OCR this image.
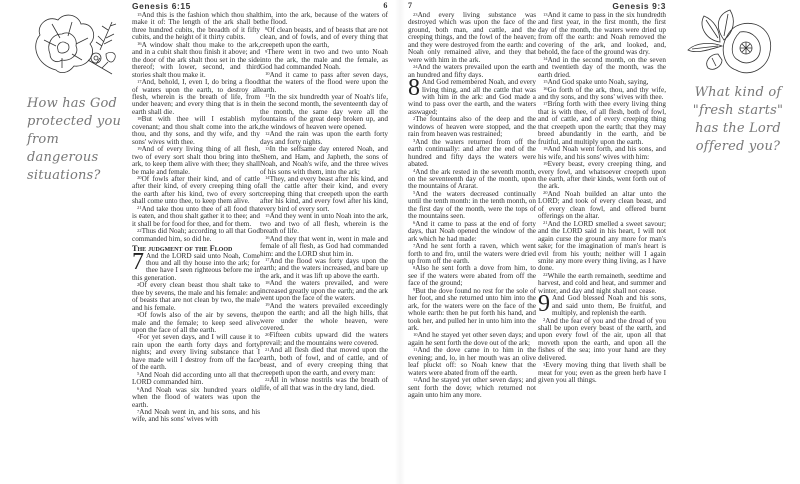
How has God protected you from dangerous situations?
Genesis 6:15

$^{15}$And this is the fashion which thou shalt make it of: The length of the ark shall be three hundred cubits, the breadth of it fifty cubits, and the height of it thirty cubits.

$^{16}$A window shalt thou make to the ark, and in a cubit shalt thou finish it above; and the door of the ark shalt thou set in the side thereof; with lower, second, and third stories shalt thou make it.

$^{17}$And, behold, I, even I, do bring a flood of waters upon the earth, to destroy all flesh, wherein is the breath of life, from under heaven; and every thing that is in the earth shall die.

$^{18}$But with thee will I establish my covenant; and thou shalt come into the ark, thou, and thy sons, and thy wife, and thy sons' wives with thee.

$^{19}$And of every living thing of all flesh, two of every sort shalt thou bring into the ark, to keep them alive with thee; they shall be male and female.

$^{20}$Of fowls after their kind, and of cattle after their kind, of every creeping thing of the earth after his kind, two of every sort shall come unto thee, to keep them alive.

$^{21}$And take thou unto thee of all food that is eaten, and thou shalt gather it to thee; and it shall be for food for thee, and for them.

$^{22}$Thus did Noah; according to all that God commanded him, so did he.

The judgment of the Flood

7 And the LORD said unto Noah, Come thou and all thy house into the ark; for thee have I seen righteous before me in this generation.

$^2$Of every clean beast thou shalt take to thee by sevens, the male and his female: and of beasts that are not clean by two, the male and his female.

$^3$Of fowls also of the air by sevens, the male and the female; to keep seed alive upon the face of all the earth.

$^4$For yet seven days, and I will cause it to rain upon the earth forty days and forty nights; and every living substance that I have made will I destroy from off the face of the earth.

$^5$And Noah did according unto all that the LORD commanded him.

$^6$And Noah was six hundred years old when the flood of waters was upon the earth.

$^7$And Noah went in, and his sons, and his wife, and his sons' wives with

6

him, into the ark, because of the waters of the flood.

$^8$Of clean beasts, and of beasts that are not clean, and of fowls, and of every thing that creepeth upon the earth,

$^9$There went in two and two unto Noah into the ark, the male and the female, as God had commanded Noah.

$^{10}$And it came to pass after seven days, that the waters of the flood were upon the earth.

$^{11}$In the six hundredth year of Noah's life, in the second month, the seventeenth day of the month, the same day were all the fountains of the great deep broken up, and the windows of heaven were opened.

$^{12}$And the rain was upon the earth forty days and forty nights.

$^{13}$In the selfsame day entered Noah, and Shem, and Ham, and Japheth, the sons of Noah, and Noah's wife, and the three wives of his sons with them, into the ark;

$^{14}$They, and every beast after his kind, and all the cattle after their kind, and every creeping thing that creepeth upon the earth after his kind, and every fowl after his kind, every bird of every sort.

$^{15}$And they went in unto Noah into the ark, two and two of all flesh, wherein is the breath of life.

$^{16}$And they that went in, went in male and female of all flesh, as God had commanded him: and the LORD shut him in.

$^{17}$And the flood was forty days upon the earth; and the waters increased, and bare up the ark, and it was lift up above the earth.

$^{18}$And the waters prevailed, and were increased greatly upon the earth; and the ark went upon the face of the waters.

$^{19}$And the waters prevailed exceedingly upon the earth; and all the high hills, that were under the whole heaven, were covered.

$^{20}$Fifteen cubits upward did the waters prevail; and the mountains were covered.

$^{21}$And all flesh died that moved upon the earth, both of fowl, and of cattle, and of beast, and of every creeping thing that creepeth upon the earth, and every man:

$^{22}$All in whose nostrils was the breath of life, of all that was in the dry land, died.

7

$^{23}$And every living substance was destroyed which was upon the face of the ground, both man, and cattle, and the creeping things, and the fowl of the heaven; and they were destroyed from the earth: and Noah only remained alive, and they that were with him in the ark.

$^{24}$And the waters prevailed upon the earth an hundred and fifty days.

8 And God remembered Noah, and every living thing, and all the cattle that was with him in the ark: and God made a wind to pass over the earth, and the waters asswaged;

$^2$The fountains also of the deep and the windows of heaven were stopped, and the rain from heaven was restrained;

$^3$And the waters returned from off the earth continually: and after the end of the hundred and fifty days the waters were abated.

$^4$And the ark rested in the seventh month, on the seventeenth day of the month, upon the mountains of Ararat.

$^5$And the waters decreased continually until the tenth month: in the tenth month, on the first day of the month, were the tops of the mountains seen.

$^6$And it came to pass at the end of forty days, that Noah opened the window of the ark which he had made:

$^7$And he sent forth a raven, which went forth to and fro, until the waters were dried up from off the earth.

$^8$Also he sent forth a dove from him, to see if the waters were abated from off the face of the ground;

$^9$But the dove found no rest for the sole of her foot, and she returned unto him into the ark, for the waters were on the face of the whole earth: then he put forth his hand, and took her, and pulled her in unto him into the ark.

$^{10}$And he stayed yet other seven days; and again he sent forth the dove out of the ark;

$^{11}$And the dove came in to him in the evening; and, lo, in her mouth was an olive leaf pluckt off: so Noah knew that the waters were abated from off the earth.

$^{12}$And he stayed yet other seven days; and sent forth the dove; which returned not again unto him any more.

Genesis 9:3

$^{13}$And it came to pass in the six hundredth and first year, in the first month, the first day of the month, the waters were dried up from off the earth: and Noah removed the covering of the ark, and looked, and, behold, the face of the ground was dry.

$^{14}$And in the second month, on the seven and twentieth day of the month, was the earth dried.

$^{15}$And God spake unto Noah, saying,

$^{16}$Go forth of the ark, thou, and thy wife, and thy sons, and thy sons' wives with thee.

$^{17}$Bring forth with thee every living thing that is with thee, of all flesh, both of fowl, and of cattle, and of every creeping thing that creepeth upon the earth; that they may breed abundantly in the earth, and be fruitful, and multiply upon the earth.

$^{18}$And Noah went forth, and his sons, and his wife, and his sons' wives with him:

$^{19}$Every beast, every creeping thing, and every fowl, and whatsoever creepeth upon the earth, after their kinds, went forth out of the ark.

$^{20}$And Noah builded an altar unto the LORD; and took of every clean beast, and of every clean fowl, and offered burnt offerings on the altar.

$^{21}$And the LORD smelled a sweet savour; and the LORD said in his heart, I will not again curse the ground any more for man's sake; for the imagination of man's heart is evil from his youth; neither will I again smite any more every thing living, as I have done.

$^{22}$While the earth remaineth, seedtime and harvest, and cold and heat, and summer and winter, and day and night shall not cease.

9 And God blessed Noah and his sons, and said unto them, Be fruitful, and multiply, and replenish the earth.

$^2$And the fear of you and the dread of you shall be upon every beast of the earth, and upon every fowl of the air, upon all that moveth upon the earth, and upon all the fishes of the sea; into your hand are they delivered.

$^3$Every moving thing that liveth shall be meat for you; even as the green herb have I given you all things.

What kind of "fresh starts" has the Lord offered you?
